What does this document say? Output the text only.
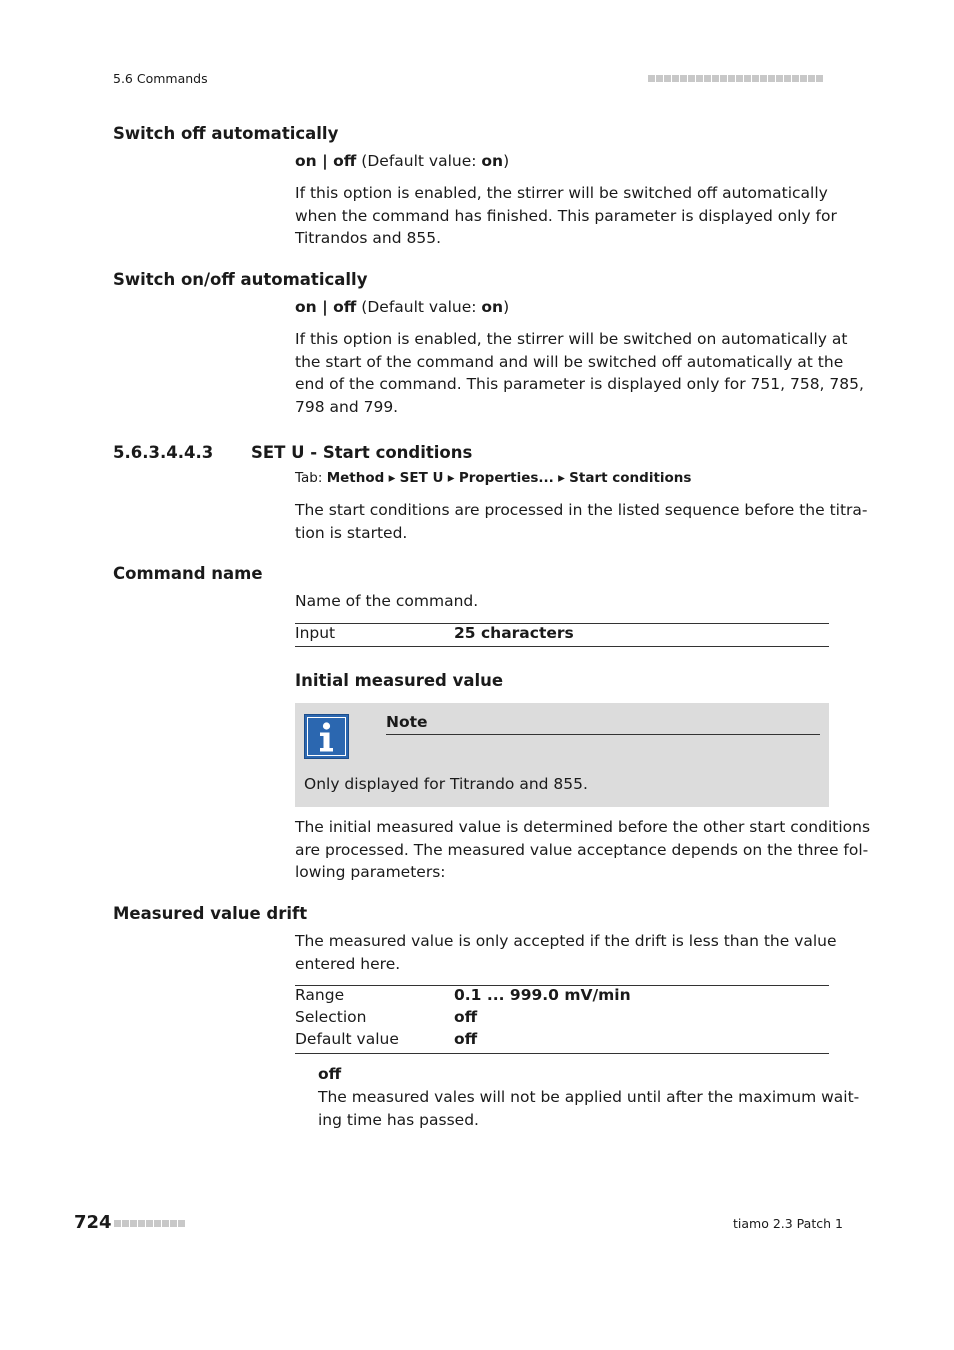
5.6 Commands
Switch off automatically
on | off (Default value: on)
If this option is enabled, the stirrer will be switched off automatically
when the command has finished. This parameter is displayed only for
Titrandos and 855.
Switch on/off automatically
on | off (Default value: on)
If this option is enabled, the stirrer will be switched on automatically at
the start of the command and will be switched off automatically at the
end of the command. This parameter is displayed only for 751, 758, 785,
798 and 799.
5.6.3.4.4.3 SET U - Start conditions
Tab: Method ▸ SET U ▸ Properties... ▸ Start conditions
The start conditions are processed in the listed sequence before the titra-
tion is started.
Command name
Name of the command.
Input	25 characters
Initial measured value
Note
Only displayed for Titrando and 855.
The initial measured value is determined before the other start conditions
are processed. The measured value acceptance depends on the three fol-
lowing parameters:
Measured value drift
The measured value is only accepted if the drift is less than the value
entered here.
Range	0.1 ... 999.0 mV/min
Selection	off
Default value	off
off
The measured vales will not be applied until after the maximum wait-
ing time has passed.
724	tiamo 2.3 Patch 1
